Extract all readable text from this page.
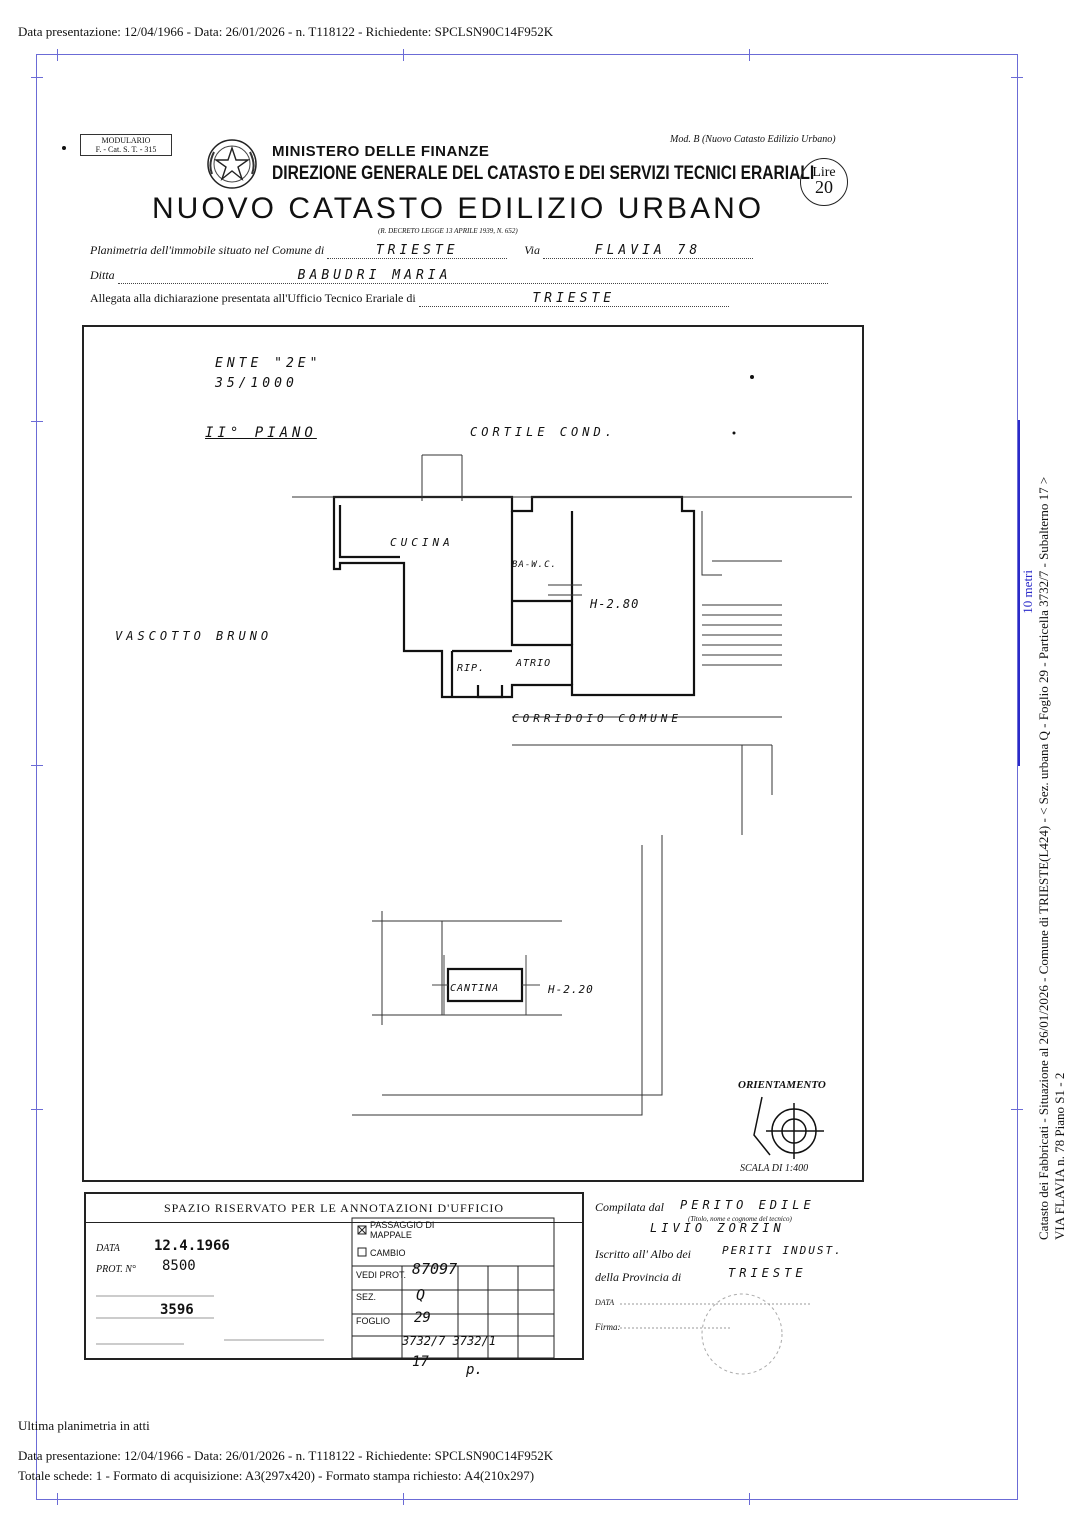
Data presentazione: 12/04/1966 - Data: 26/01/2026 - n. T118122 - Richiedente: SPCLSN90C14F952K
10 metri Catasto dei Fabbricati - Situazione al 26/01/2026 - Comune di TRIESTE(L424) - < Sez. urbana Q - Foglio 29 - Particella 3732/7 - Subalterno 17 > VIA FLAVIA n. 78 Piano S1 - 2
MODULARIO
F. - Cat. S. T. - 315	MINISTERO DELLE FINANZE
DIREZIONE GENERALE DEL CATASTO E DEI SERVIZI TECNICI ERARIALI
Mod. B (Nuovo Catasto Edilizio Urbano)
Lire
20
NUOVO CATASTO EDILIZIO URBANO
(R. DECRETO LEGGE 13 APRILE 1939, N. 652)
Planimetria dell'immobile situato nel Comune di	TRIESTE	Via	FLAVIA 78
Ditta	BABUDRI MARIA
Allegata alla dichiarazione presentata all'Ufficio Tecnico Erariale di	TRIESTE
ENTE "2E"
35/1000
II° PIANO	CORTILE COND.
CUCINA
BA-W.C.
H-2.80
VASCOTTO BRUNO
RIP.	ATRIO
CORRIDOIO COMUNE
CANTINA	H-2.20
ORIENTAMENTO
SCALA DI 1:400
SPAZIO RISERVATO PER LE ANNOTAZIONI D'UFFICIO
DATA 12.4.1966
PROT. N° 8500
3596
PASSAGGIO DI MAPPALE
CAMBIO
VEDI PROT. 87097
SEZ.	Q
FOGLIO 29
3732/7 3732/1
17	p.
Compilata dal PERITO EDILE
(Titolo, nome e cognome del tecnico)
LIVIO ZORZIN
Iscritto all' Albo dei	PERITI INDUST.
della Provincia di	TRIESTE
DATA
Firma:
Ultima planimetria in atti
Data presentazione: 12/04/1966 - Data: 26/01/2026 - n. T118122 - Richiedente: SPCLSN90C14F952K
Totale schede: 1 - Formato di acquisizione: A3(297x420) - Formato stampa richiesto: A4(210x297)
